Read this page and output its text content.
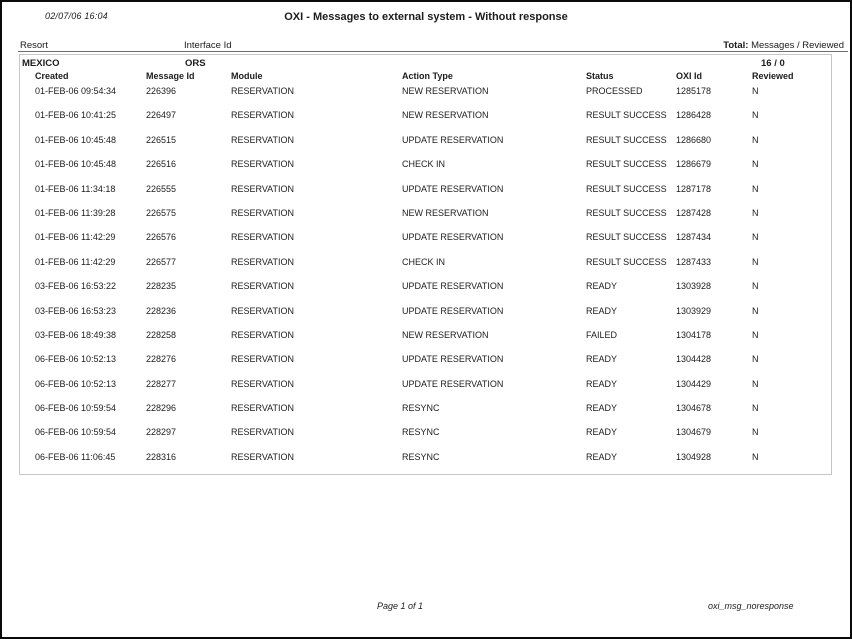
02/07/06 16:04	OXI - Messages to external system - Without response
Resort	Interface Id	Total: Messages / Reviewed
MEXICO	ORS	16 / 0
Created	Message Id	Module	Action Type	Status	OXI Id	Reviewed
01-FEB-06 09:54:34	226396	RESERVATION	NEW RESERVATION	PROCESSED	1285178	N
01-FEB-06 10:41:25	226497	RESERVATION	NEW RESERVATION	RESULT SUCCESS	1286428	N
01-FEB-06 10:45:48	226515	RESERVATION	UPDATE RESERVATION	RESULT SUCCESS	1286680	N
01-FEB-06 10:45:48	226516	RESERVATION	CHECK IN	RESULT SUCCESS	1286679	N
01-FEB-06 11:34:18	226555	RESERVATION	UPDATE RESERVATION	RESULT SUCCESS	1287178	N
01-FEB-06 11:39:28	226575	RESERVATION	NEW RESERVATION	RESULT SUCCESS	1287428	N
01-FEB-06 11:42:29	226576	RESERVATION	UPDATE RESERVATION	RESULT SUCCESS	1287434	N
01-FEB-06 11:42:29	226577	RESERVATION	CHECK IN	RESULT SUCCESS	1287433	N
03-FEB-06 16:53:22	228235	RESERVATION	UPDATE RESERVATION	READY	1303928	N
03-FEB-06 16:53:23	228236	RESERVATION	UPDATE RESERVATION	READY	1303929	N
03-FEB-06 18:49:38	228258	RESERVATION	NEW RESERVATION	FAILED	1304178	N
06-FEB-06 10:52:13	228276	RESERVATION	UPDATE RESERVATION	READY	1304428	N
06-FEB-06 10:52:13	228277	RESERVATION	UPDATE RESERVATION	READY	1304429	N
06-FEB-06 10:59:54	228296	RESERVATION	RESYNC	READY	1304678	N
06-FEB-06 10:59:54	228297	RESERVATION	RESYNC	READY	1304679	N
06-FEB-06 11:06:45	228316	RESERVATION	RESYNC	READY	1304928	N
Page 1 of 1	oxi_msg_noresponse
